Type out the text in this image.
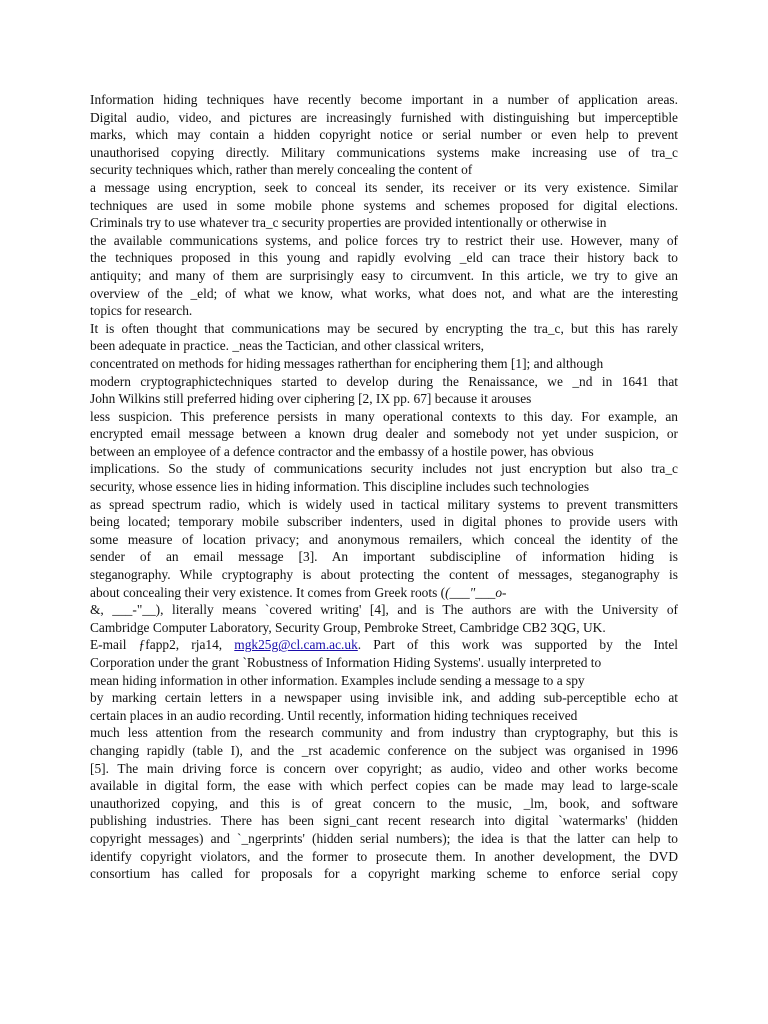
Information hiding techniques have recently become important in a number of application areas.
Digital audio, video, and pictures are increasingly furnished with distinguishing but imperceptible
marks, which may contain a hidden copyright notice or serial number or even help to prevent
unauthorised copying directly. Military communications systems make increasing use of tra_c
security techniques which, rather than merely concealing the content of
a message using encryption, seek to conceal its sender, its receiver or its very existence. Similar
techniques are used in some mobile phone systems and schemes proposed for digital elections.
Criminals try to use whatever tra_c security properties are provided intentionally or otherwise in
the available communications systems, and police forces try to restrict their use. However, many of
the techniques proposed in this young and rapidly evolving _eld can trace their history back to
antiquity; and many of them are surprisingly easy to circumvent. In this article, we try to give an
overview of the _eld; of what we know, what works, what does not, and what are the interesting
topics for research.
It is often thought that communications may be secured by encrypting the tra_c, but this has rarely
been adequate in practice. _neas the Tactician, and other classical writers,
concentrated on methods for hiding messages ratherthan for enciphering them [1]; and although
modern cryptographictechniques started to develop during the Renaissance, we _nd in 1641 that
John Wilkins still preferred hiding over ciphering [2, IX pp. 67] because it arouses
less suspicion. This preference persists in many operational contexts to this day. For example, an
encrypted email message between a known drug dealer and somebody not yet under suspicion, or
between an employee of a defence contractor and the embassy of a hostile power, has obvious
implications. So the study of communications security includes not just encryption but also tra_c
security, whose essence lies in hiding information. This discipline includes such technologies
as spread spectrum radio, which is widely used in tactical military systems to prevent transmitters
being located; temporary mobile subscriber indenters, used in digital phones to provide users with
some measure of location privacy; and anonymous remailers, which conceal the identity of the
sender of an email message [3]. An important subdiscipline of information hiding is
steganography. While cryptography is about protecting the content of messages, steganography is
about concealing their very existence. It comes from Greek roots ((___"___o-
&, ___-"__), literally means `covered writing' [4], and is The authors are with the University of
Cambridge Computer Laboratory, Security Group, Pembroke Street, Cambridge CB2 3QG, UK.
E-mail ƒfapp2, rja14, mgk25g@cl.cam.ac.uk. Part of this work was supported by the Intel
Corporation under the grant `Robustness of Information Hiding Systems'. usually interpreted to
mean hiding information in other information. Examples include sending a message to a spy
by marking certain letters in a newspaper using invisible ink, and adding sub-perceptible echo at
certain places in an audio recording. Until recently, information hiding techniques received
much less attention from the research community and from industry than cryptography, but this is
changing rapidly (table I), and the _rst academic conference on the subject was organised in 1996
[5]. The main driving force is concern over copyright; as audio, video and other works become
available in digital form, the ease with which perfect copies can be made may lead to large-scale
unauthorized copying, and this is of great concern to the music, _lm, book, and software
publishing industries. There has been signi_cant recent research into digital `watermarks' (hidden
copyright messages) and `_ngerprints' (hidden serial numbers); the idea is that the latter can help to
identify copyright violators, and the former to prosecute them. In another development, the DVD
consortium has called for proposals for a copyright marking scheme to enforce serial copy
